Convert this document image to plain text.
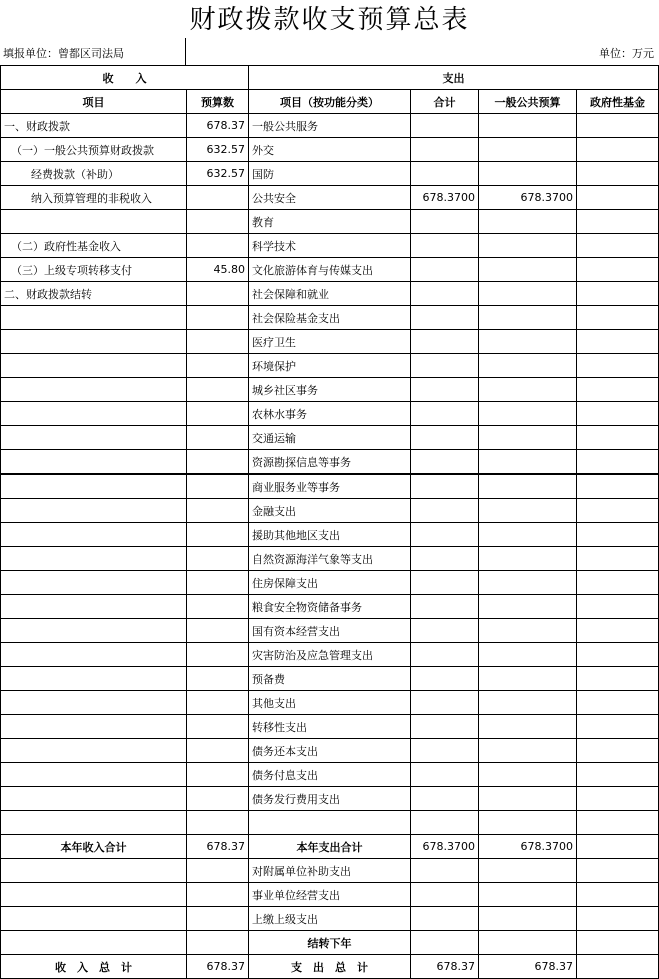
财政拨款收支预算总表
填报单位：曾都区司法局	单位：万元
收　　入		支出			
项目	预算数	项目（按功能分类）	合计	一般公共预算	政府性基金
一、财政拨款	678.37	一般公共服务			
（一）一般公共预算财政拨款	632.57	外交			
经费拨款（补助）	632.57	国防			
纳入预算管理的非税收入		公共安全	678.3700	678.3700	
		教育			
（二）政府性基金收入		科学技术			
（三）上级专项转移支付	45.80	文化旅游体育与传媒支出			
二、财政拨款结转		社会保障和就业			
		社会保险基金支出			
		医疗卫生			
		环境保护			
		城乡社区事务			
		农林水事务			
		交通运输			
		资源勘探信息等事务			
		商业服务业等事务			
		金融支出			
		援助其他地区支出			
		自然资源海洋气象等支出			
		住房保障支出			
		粮食安全物资储备事务			
		国有资本经营支出			
		灾害防治及应急管理支出			
		预备费			
		其他支出			
		转移性支出			
		债务还本支出			
		债务付息支出			
		债务发行费用支出			

本年收入合计	678.37	本年支出合计	678.3700	678.3700	
		对附属单位补助支出			
		事业单位经营支出			
		上缴上级支出			
		结转下年			
收　入　总　计	678.37	支　出　总　计	678.37	678.37	
